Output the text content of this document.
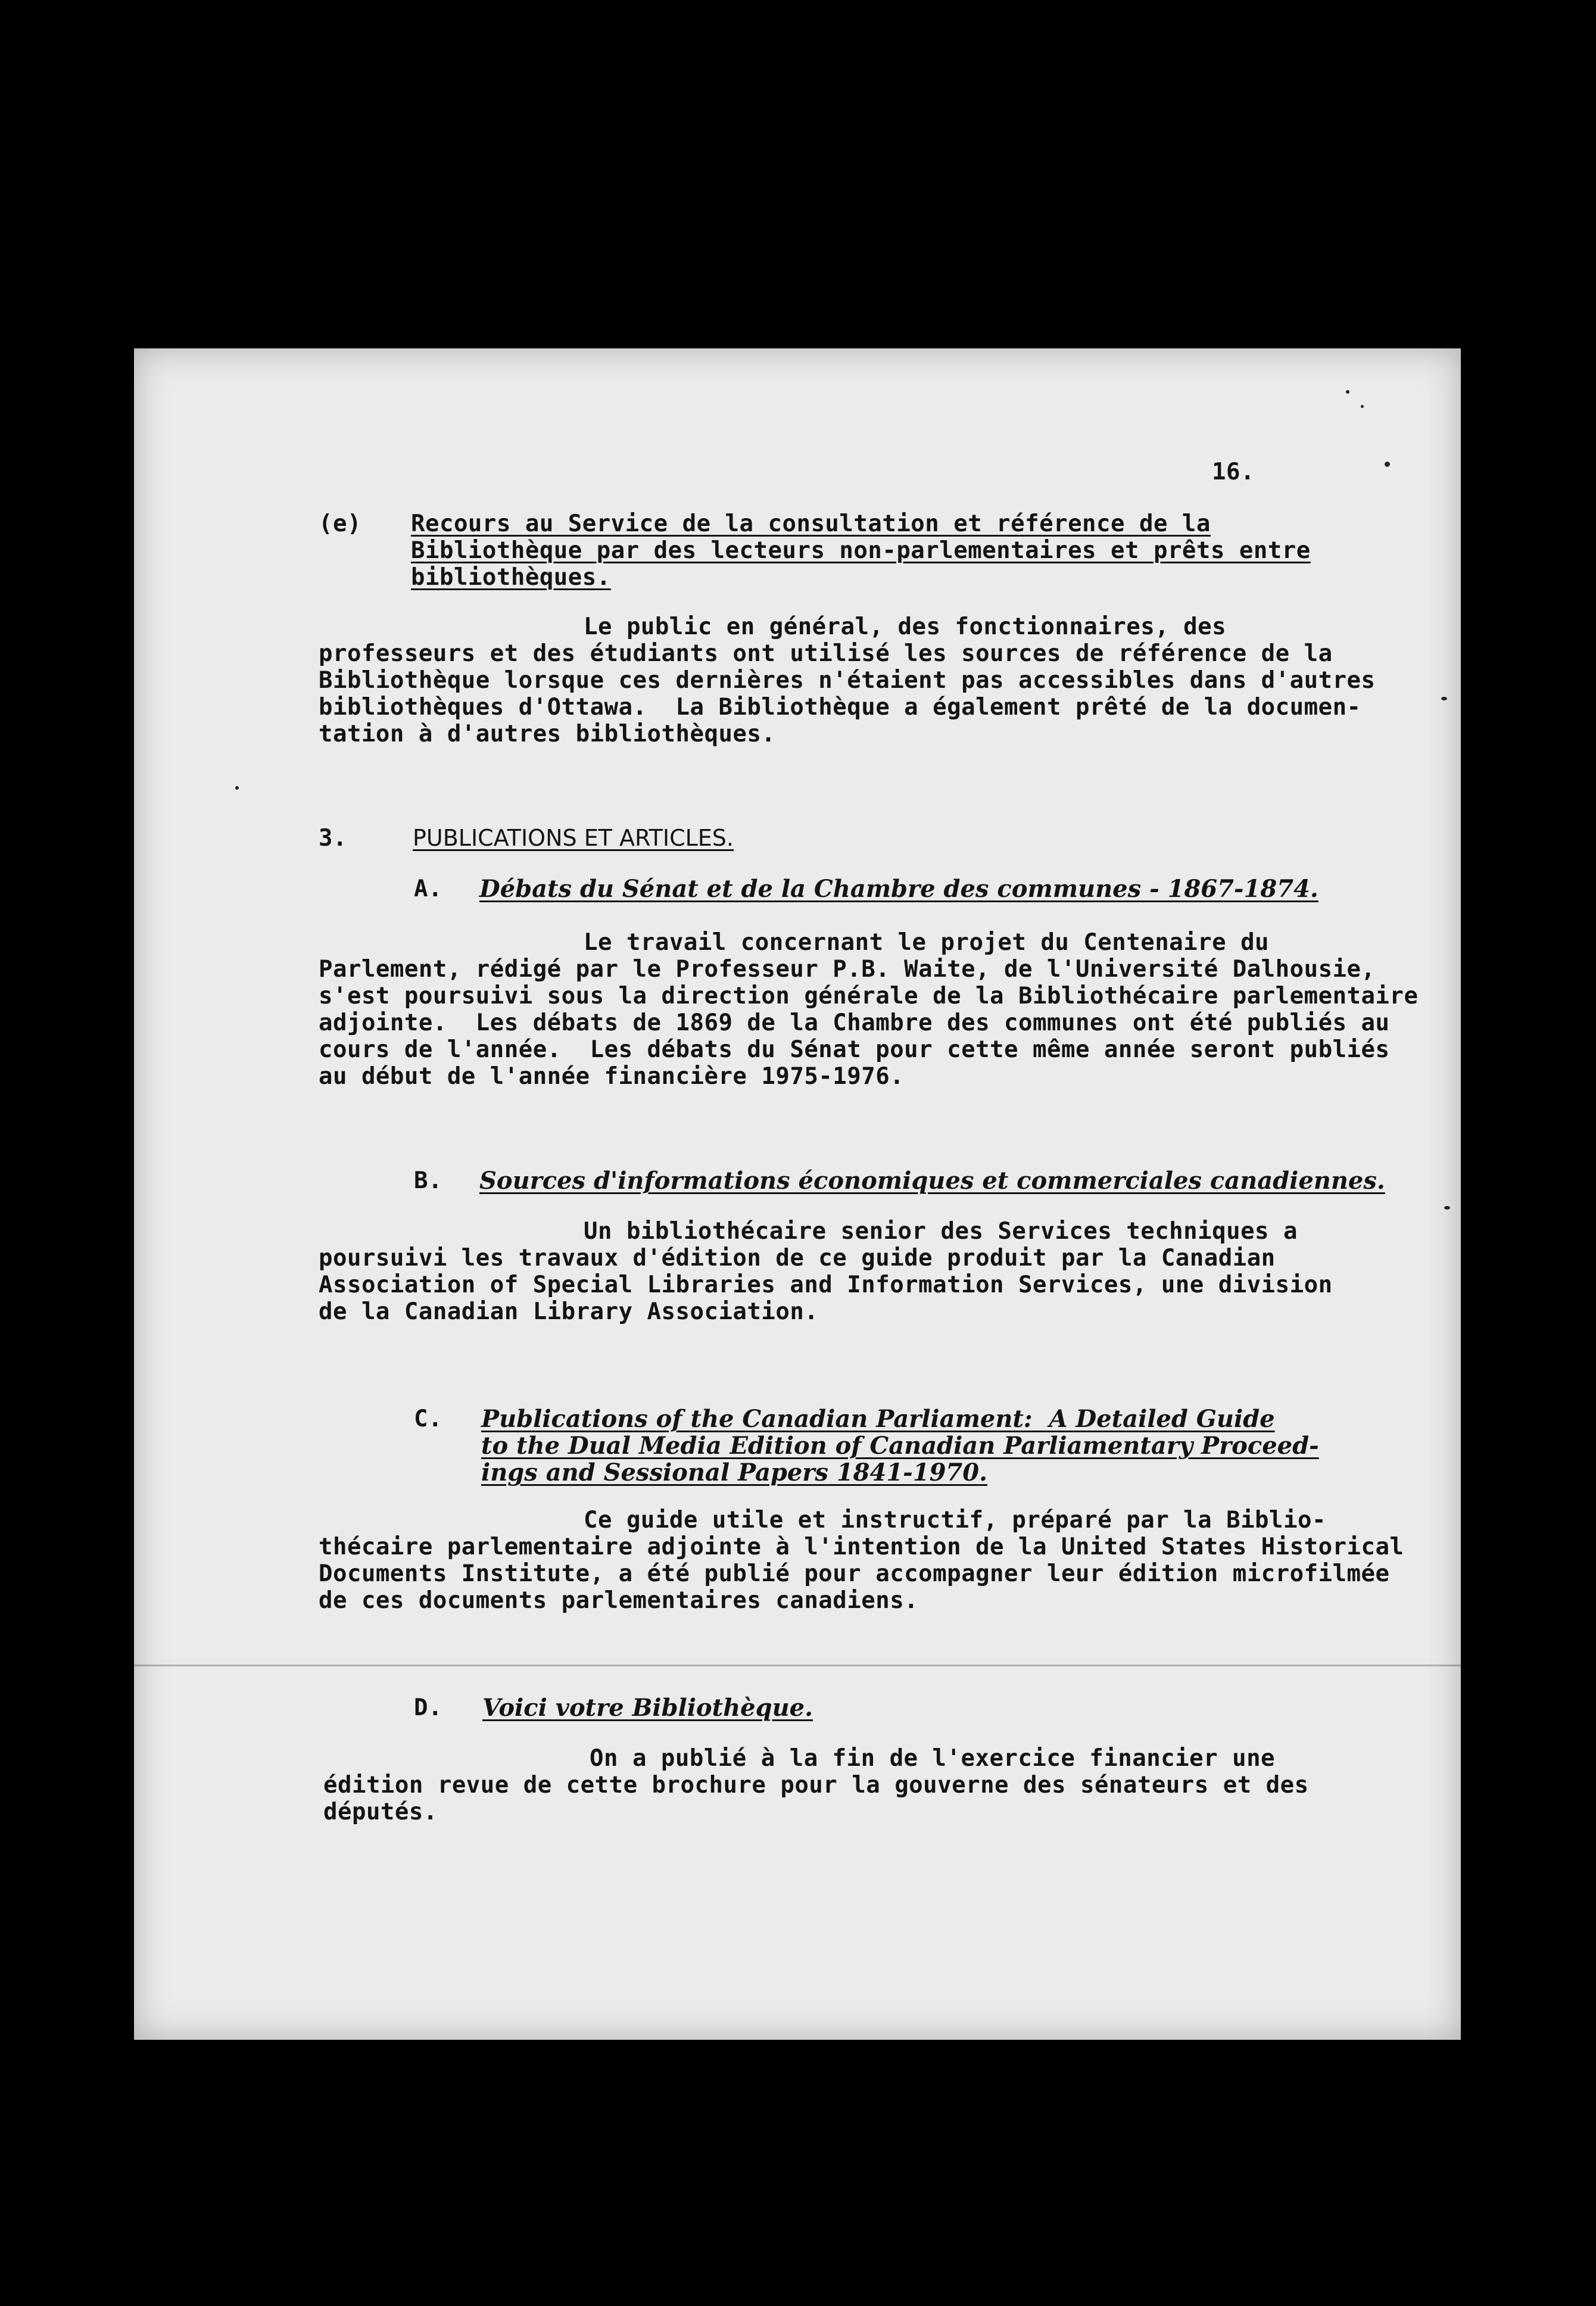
16.
(e) Recours au Service de la consultation et référence de la
Bibliothèque par des lecteurs non-parlementaires et prêts entre
bibliothèques.
Le public en général, des fonctionnaires, des
professeurs et des étudiants ont utilisé les sources de référence de la
Bibliothèque lorsque ces dernières n'étaient pas accessibles dans d'autres
bibliothèques d'Ottawa.  La Bibliothèque a également prêté de la documen-
tation à d'autres bibliothèques.
3.	PUBLICATIONS ET ARTICLES.
A. Débats du Sénat et de la Chambre des communes - 1867-1874.
Le travail concernant le projet du Centenaire du
Parlement, rédigé par le Professeur P.B. Waite, de l'Université Dalhousie,
s'est poursuivi sous la direction générale de la Bibliothécaire parlementaire
adjointe.  Les débats de 1869 de la Chambre des communes ont été publiés au
cours de l'année.  Les débats du Sénat pour cette même année seront publiés
au début de l'année financière 1975-1976.
B. Sources d'informations économiques et commerciales canadiennes.
Un bibliothécaire senior des Services techniques a
poursuivi les travaux d'édition de ce guide produit par la Canadian
Association of Special Libraries and Information Services, une division
de la Canadian Library Association.
C. Publications of the Canadian Parliament:  A Detailed Guide
to the Dual Media Edition of Canadian Parliamentary Proceed-
ings and Sessional Papers 1841-1970.
Ce guide utile et instructif, préparé par la Biblio-
thécaire parlementaire adjointe à l'intention de la United States Historical
Documents Institute, a été publié pour accompagner leur édition microfilmée
de ces documents parlementaires canadiens.
D. Voici votre Bibliothèque.
On a publié à la fin de l'exercice financier une
édition revue de cette brochure pour la gouverne des sénateurs et des
députés.
